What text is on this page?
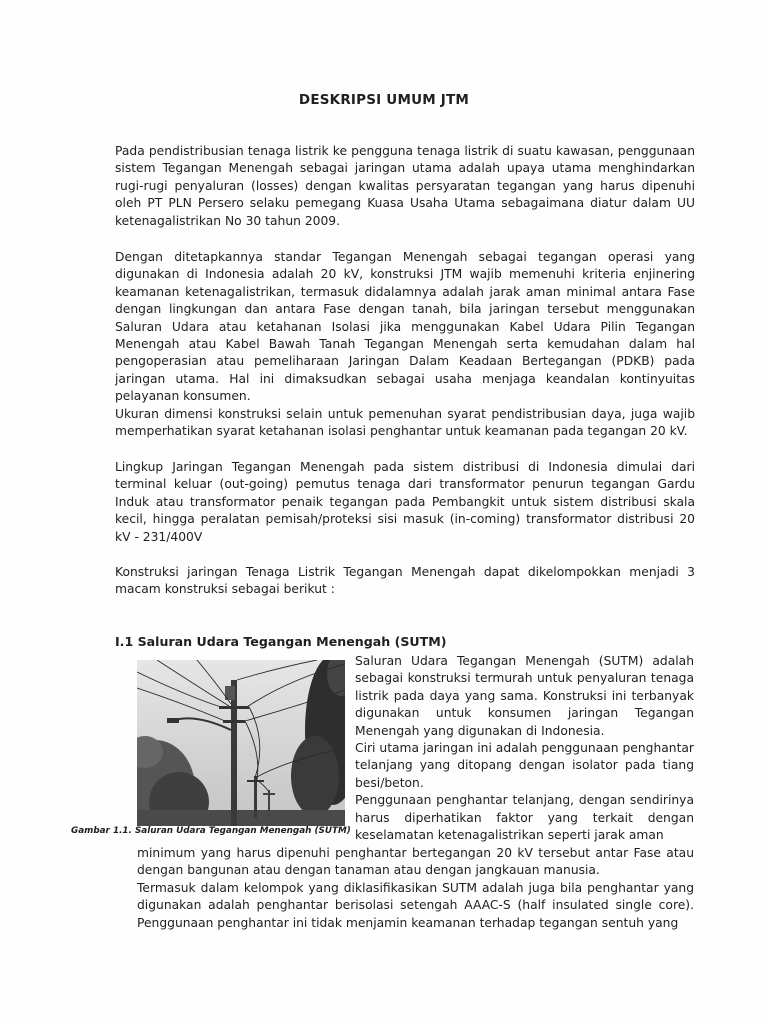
DESKRIPSI UMUM JTM

Pada pendistribusian tenaga listrik ke pengguna tenaga listrik di suatu kawasan, penggunaan sistem Tegangan Menengah sebagai jaringan utama adalah upaya utama menghindarkan rugi-rugi penyaluran (losses) dengan kwalitas persyaratan tegangan yang harus dipenuhi oleh PT PLN Persero selaku pemegang Kuasa Usaha Utama sebagaimana diatur dalam UU ketenagalistrikan No 30 tahun 2009.

Dengan ditetapkannya standar Tegangan Menengah sebagai tegangan operasi yang digunakan di Indonesia adalah 20 kV, konstruksi JTM wajib memenuhi kriteria enjinering keamanan ketenagalistrikan, termasuk didalamnya adalah jarak aman minimal antara Fase dengan lingkungan dan antara Fase dengan tanah, bila jaringan tersebut menggunakan Saluran Udara atau ketahanan Isolasi jika menggunakan Kabel Udara Pilin Tegangan Menengah atau Kabel Bawah Tanah Tegangan Menengah serta kemudahan dalam hal pengoperasian atau pemeliharaan Jaringan Dalam Keadaan Bertegangan (PDKB) pada jaringan utama. Hal ini dimaksudkan sebagai usaha menjaga keandalan kontinyuitas pelayanan konsumen.

Ukuran dimensi konstruksi selain untuk pemenuhan syarat pendistribusian daya, juga wajib memperhatikan syarat ketahanan isolasi penghantar untuk keamanan pada tegangan 20 kV.

Lingkup Jaringan Tegangan Menengah pada sistem distribusi di Indonesia dimulai dari terminal keluar (out-going) pemutus tenaga dari transformator penurun tegangan Gardu Induk atau transformator penaik tegangan pada Pembangkit untuk sistem distribusi skala kecil, hingga peralatan pemisah/proteksi sisi masuk (in-coming) transformator distribusi 20 kV - 231/400V

Konstruksi jaringan Tenaga Listrik Tegangan Menengah dapat dikelompokkan menjadi 3 macam konstruksi sebagai berikut :

I.1 Saluran Udara Tegangan Menengah (SUTM)
Gambar 1.1. Saluran Udara Tegangan Menengah (SUTM)

Saluran Udara Tegangan Menengah (SUTM) adalah sebagai konstruksi termurah untuk penyaluran tenaga listrik pada daya yang sama. Konstruksi ini terbanyak digunakan untuk konsumen jaringan Tegangan Menengah yang digunakan di Indonesia.

Ciri utama jaringan ini adalah penggunaan penghantar telanjang yang ditopang dengan isolator pada tiang besi/beton.

Penggunaan penghantar telanjang, dengan sendirinya harus diperhatikan faktor yang terkait dengan keselamatan ketenagalistrikan seperti jarak aman

minimum yang harus dipenuhi penghantar bertegangan 20 kV tersebut antar Fase atau dengan bangunan atau dengan tanaman atau dengan jangkauan manusia.

Termasuk dalam kelompok yang diklasifikasikan SUTM adalah juga bila penghantar yang digunakan adalah penghantar berisolasi setengah AAAC-S (half insulated single core). Penggunaan penghantar ini tidak menjamin keamanan terhadap tegangan sentuh yang
